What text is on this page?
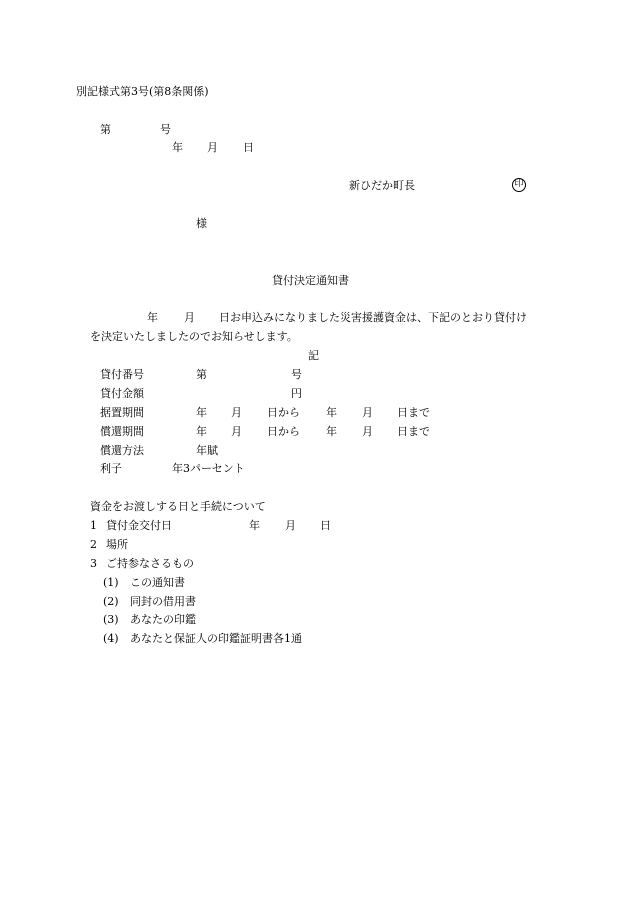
別記様式第3号(第8条関係)
第	号
年 月 日
新ひだか町長	印
様
貸付決定通知書
年 月 日お申込みになりました災害援護資金は、下記のとおり貸付け
を決定いたしましたのでお知らせします。
記
貸付番号	第	号
貸付金額	円
据置期間	年 月 日から 年 月 日まで
償還期間	年 月 日から 年 月 日まで
償還方法	年賦
利子	年3パーセント
資金をお渡しする日と手続について
1 貸付金交付日	年 月 日
2 場所
3 ご持参なさるもの
(1) この通知書
(2) 同封の借用書
(3) あなたの印鑑
(4) あなたと保証人の印鑑証明書各1通
